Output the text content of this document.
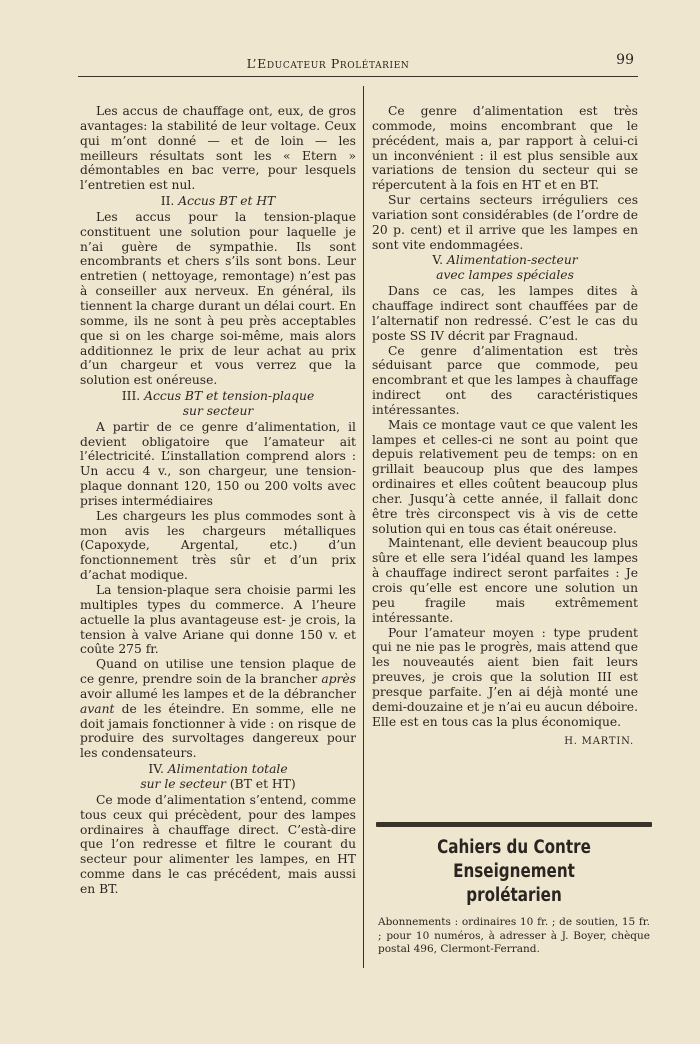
L’Educateur Prolétarien	99

Les accus de chauffage ont, eux, de gros avantages: la stabilité de leur voltage. Ceux qui m’ont donné — et de loin — les meilleurs résultats sont les « Etern » démontables en bac verre, pour lesquels l’entretien est nul.

II. Accus BT et HT

Les accus pour la tension-plaque constituent une solution pour laquelle je n’ai guère de sympathie. Ils sont encombrants et chers s’ils sont bons. Leur entretien ( nettoyage, remontage) n’est pas à conseiller aux nerveux. En général, ils tiennent la charge durant un délai court. En somme, ils ne sont à peu près acceptables que si on les charge soi-même, mais alors additionnez le prix de leur achat au prix d’un chargeur et vous verrez que la solution est onéreuse.

III. Accus BT et tension-plaque
sur secteur

A partir de ce genre d’alimentation, il devient obligatoire que l’amateur ait l’électricité. L’installation comprend alors : Un accu 4 v., son chargeur, une tension-plaque donnant 120, 150 ou 200 volts avec prises intermédiaires

Les chargeurs les plus commodes sont à mon avis les chargeurs métalliques (Capoxyde, Argental, etc.) d’un fonctionnement très sûr et d’un prix d’achat modique.

La tension-plaque sera choisie parmi les multiples types du commerce. A l’heure actuelle la plus avantageuse est- je crois, la tension à valve Ariane qui donne 150 v. et coûte 275 fr.

Quand on utilise une tension plaque de ce genre, prendre soin de la brancher après avoir allumé les lampes et de la débrancher avant de les éteindre. En somme, elle ne doit jamais fonctionner à vide : on risque de produire des survoltages dangereux pour les condensateurs.

IV. Alimentation totale
sur le secteur (BT et HT)

Ce mode d’alimentation s’entend, comme tous ceux qui précèdent, pour des lampes ordinaires à chauffage direct. C’està-dire que l’on redresse et filtre le courant du secteur pour alimenter les lampes, en HT comme dans le cas précédent, mais aussi en BT.

Ce genre d’alimentation est très commode, moins encombrant que le précédent, mais a, par rapport à celui-ci un inconvénient : il est plus sensible aux variations de tension du secteur qui se répercutent à la fois en HT et en BT.

Sur certains secteurs irréguliers ces variation sont considérables (de l’ordre de 20 p. cent) et il arrive que les lampes en sont vite endommagées.

V. Alimentation-secteur
avec lampes spéciales

Dans ce cas, les lampes dites à chauffage indirect sont chauffées par de l’alternatif non redressé. C’est le cas du poste SS IV décrit par Fragnaud.

Ce genre d’alimentation est très séduisant parce que commode, peu encombrant et que les lampes à chauffage indirect ont des caractéristiques intéressantes.

Mais ce montage vaut ce que valent les lampes et celles-ci ne sont au point que depuis relativement peu de temps: on en grillait beaucoup plus que des lampes ordinaires et elles coûtent beaucoup plus cher. Jusqu’à cette année, il fallait donc être très circonspect vis à vis de cette solution qui en tous cas était onéreuse.

Maintenant, elle devient beaucoup plus sûre et elle sera l’idéal quand les lampes à chauffage indirect seront parfaites : Je crois qu’elle est encore une solution un peu fragile mais extrêmement intéressante.

Pour l’amateur moyen : type prudent qui ne nie pas le progrès, mais attend que les nouveautés aient bien fait leurs preuves, je crois que la solution III est presque parfaite. J’en ai déjà monté une demi-douzaine et je n’ai eu aucun déboire. Elle est en tous cas la plus économique.

H. MARTIN.
Cahiers du Contre Enseignement
prolétarien
Abonnements : ordinaires 10 fr. ; de soutien, 15 fr. ; pour 10 numéros, à adresser à J. Boyer, chèque postal 496, Clermont-Ferrand.
